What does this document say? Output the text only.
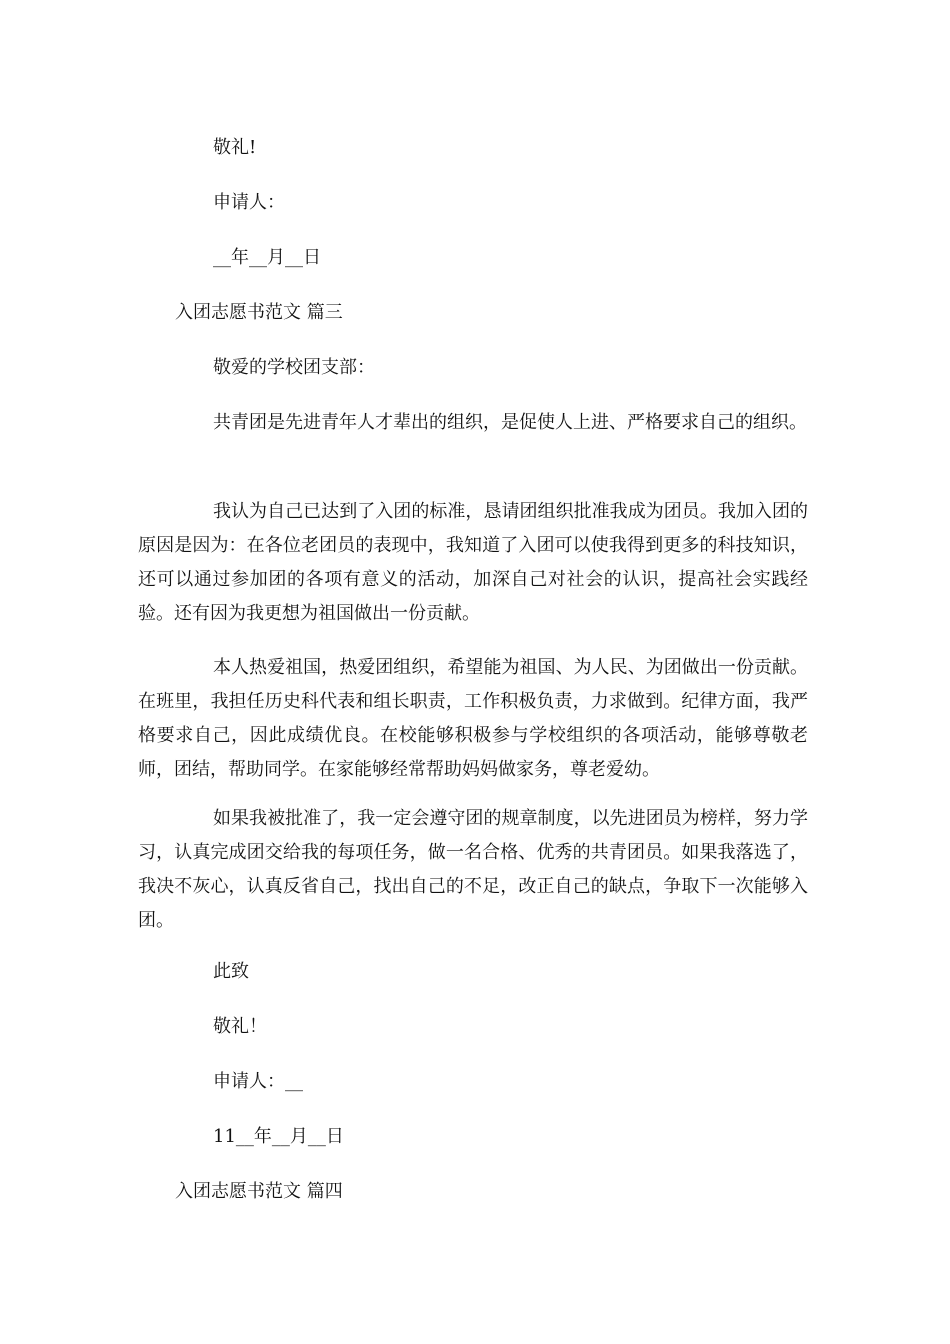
敬礼!
申请人：
__年__月__日
入团志愿书范文 篇三
敬爱的学校团支部：

共青团是先进青年人才辈出的组织，是促使人上进、严格要求自己的组织。

我认为自己已达到了入团的标准，恳请团组织批准我成为团员。我加入团的原因是因为：在各位老团员的表现中，我知道了入团可以使我得到更多的科技知识，还可以通过参加团的各项有意义的活动，加深自己对社会的认识，提高社会实践经验。还有因为我更想为祖国做出一份贡献。

本人热爱祖国，热爱团组织，希望能为祖国、为人民、为团做出一份贡献。在班里，我担任历史科代表和组长职责，工作积极负责，力求做到。纪律方面，我严格要求自己，因此成绩优良。在校能够积极参与学校组织的各项活动，能够尊敬老师，团结，帮助同学。在家能够经常帮助妈妈做家务，尊老爱幼。

如果我被批准了，我一定会遵守团的规章制度，以先进团员为榜样，努力学习，认真完成团交给我的每项任务，做一名合格、优秀的共青团员。如果我落选了，我决不灰心，认真反省自己，找出自己的不足，改正自己的缺点，争取下一次能够入团。

此致
敬礼！
申请人：__
11__年__月__日
入团志愿书范文 篇四
